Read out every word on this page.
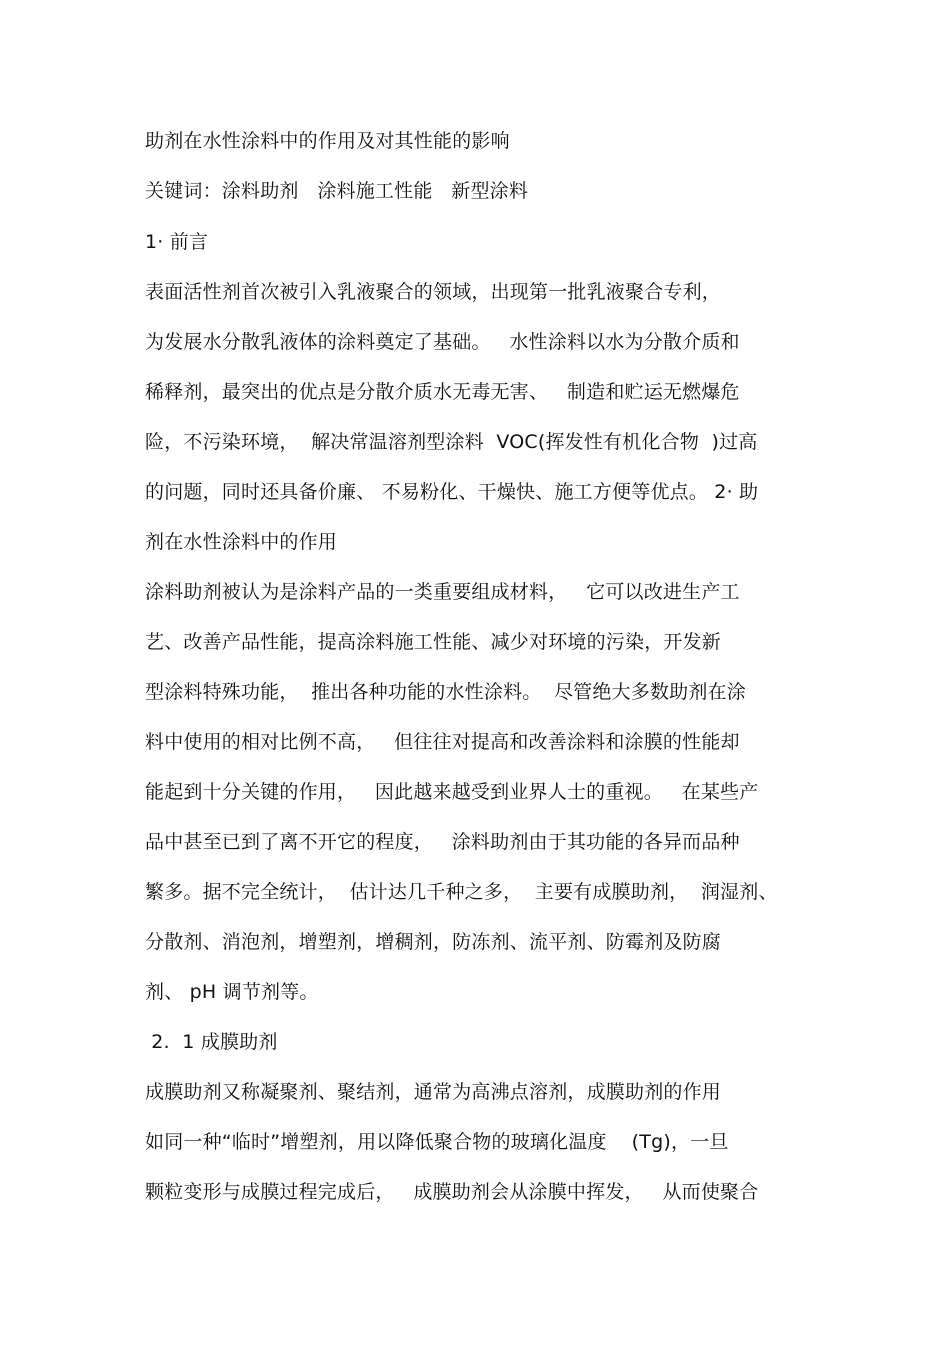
助剂在水性涂料中的作用及对其性能的影响
关键词：涂料助剂   涂料施工性能   新型涂料
1· 前言
表面活性剂首次被引入乳液聚合的领域，出现第一批乳液聚合专利，
为发展水分散乳液体的涂料奠定了基础。   水性涂料以水为分散介质和
稀释剂，最突出的优点是分散介质水无毒无害、   制造和贮运无燃爆危
险，不污染环境，  解决常温溶剂型涂料  VOC(挥发性有机化合物  )过高
的问题，同时还具备价廉、 不易粉化、干燥快、施工方便等优点。 2· 助
剂在水性涂料中的作用
涂料助剂被认为是涂料产品的一类重要组成材料，   它可以改进生产工
艺、改善产品性能，提高涂料施工性能、减少对环境的污染，开发新
型涂料特殊功能，  推出各种功能的水性涂料。  尽管绝大多数助剂在涂
料中使用的相对比例不高，   但往往对提高和改善涂料和涂膜的性能却
能起到十分关键的作用，   因此越来越受到业界人士的重视。   在某些产
品中甚至已到了离不开它的程度，   涂料助剂由于其功能的各异而品种
繁多。据不完全统计，  估计达几千种之多，  主要有成膜助剂，  润湿剂、
分散剂、消泡剂，增塑剂，增稠剂，防冻剂、流平剂、防霉剂及防腐
剂、 pH 调节剂等。
2.  1 成膜助剂
成膜助剂又称凝聚剂、聚结剂，通常为高沸点溶剂，成膜助剂的作用
如同一种“临时”增塑剂，用以降低聚合物的玻璃化温度    (Tg)，一旦
颗粒变形与成膜过程完成后，   成膜助剂会从涂膜中挥发，   从而使聚合
